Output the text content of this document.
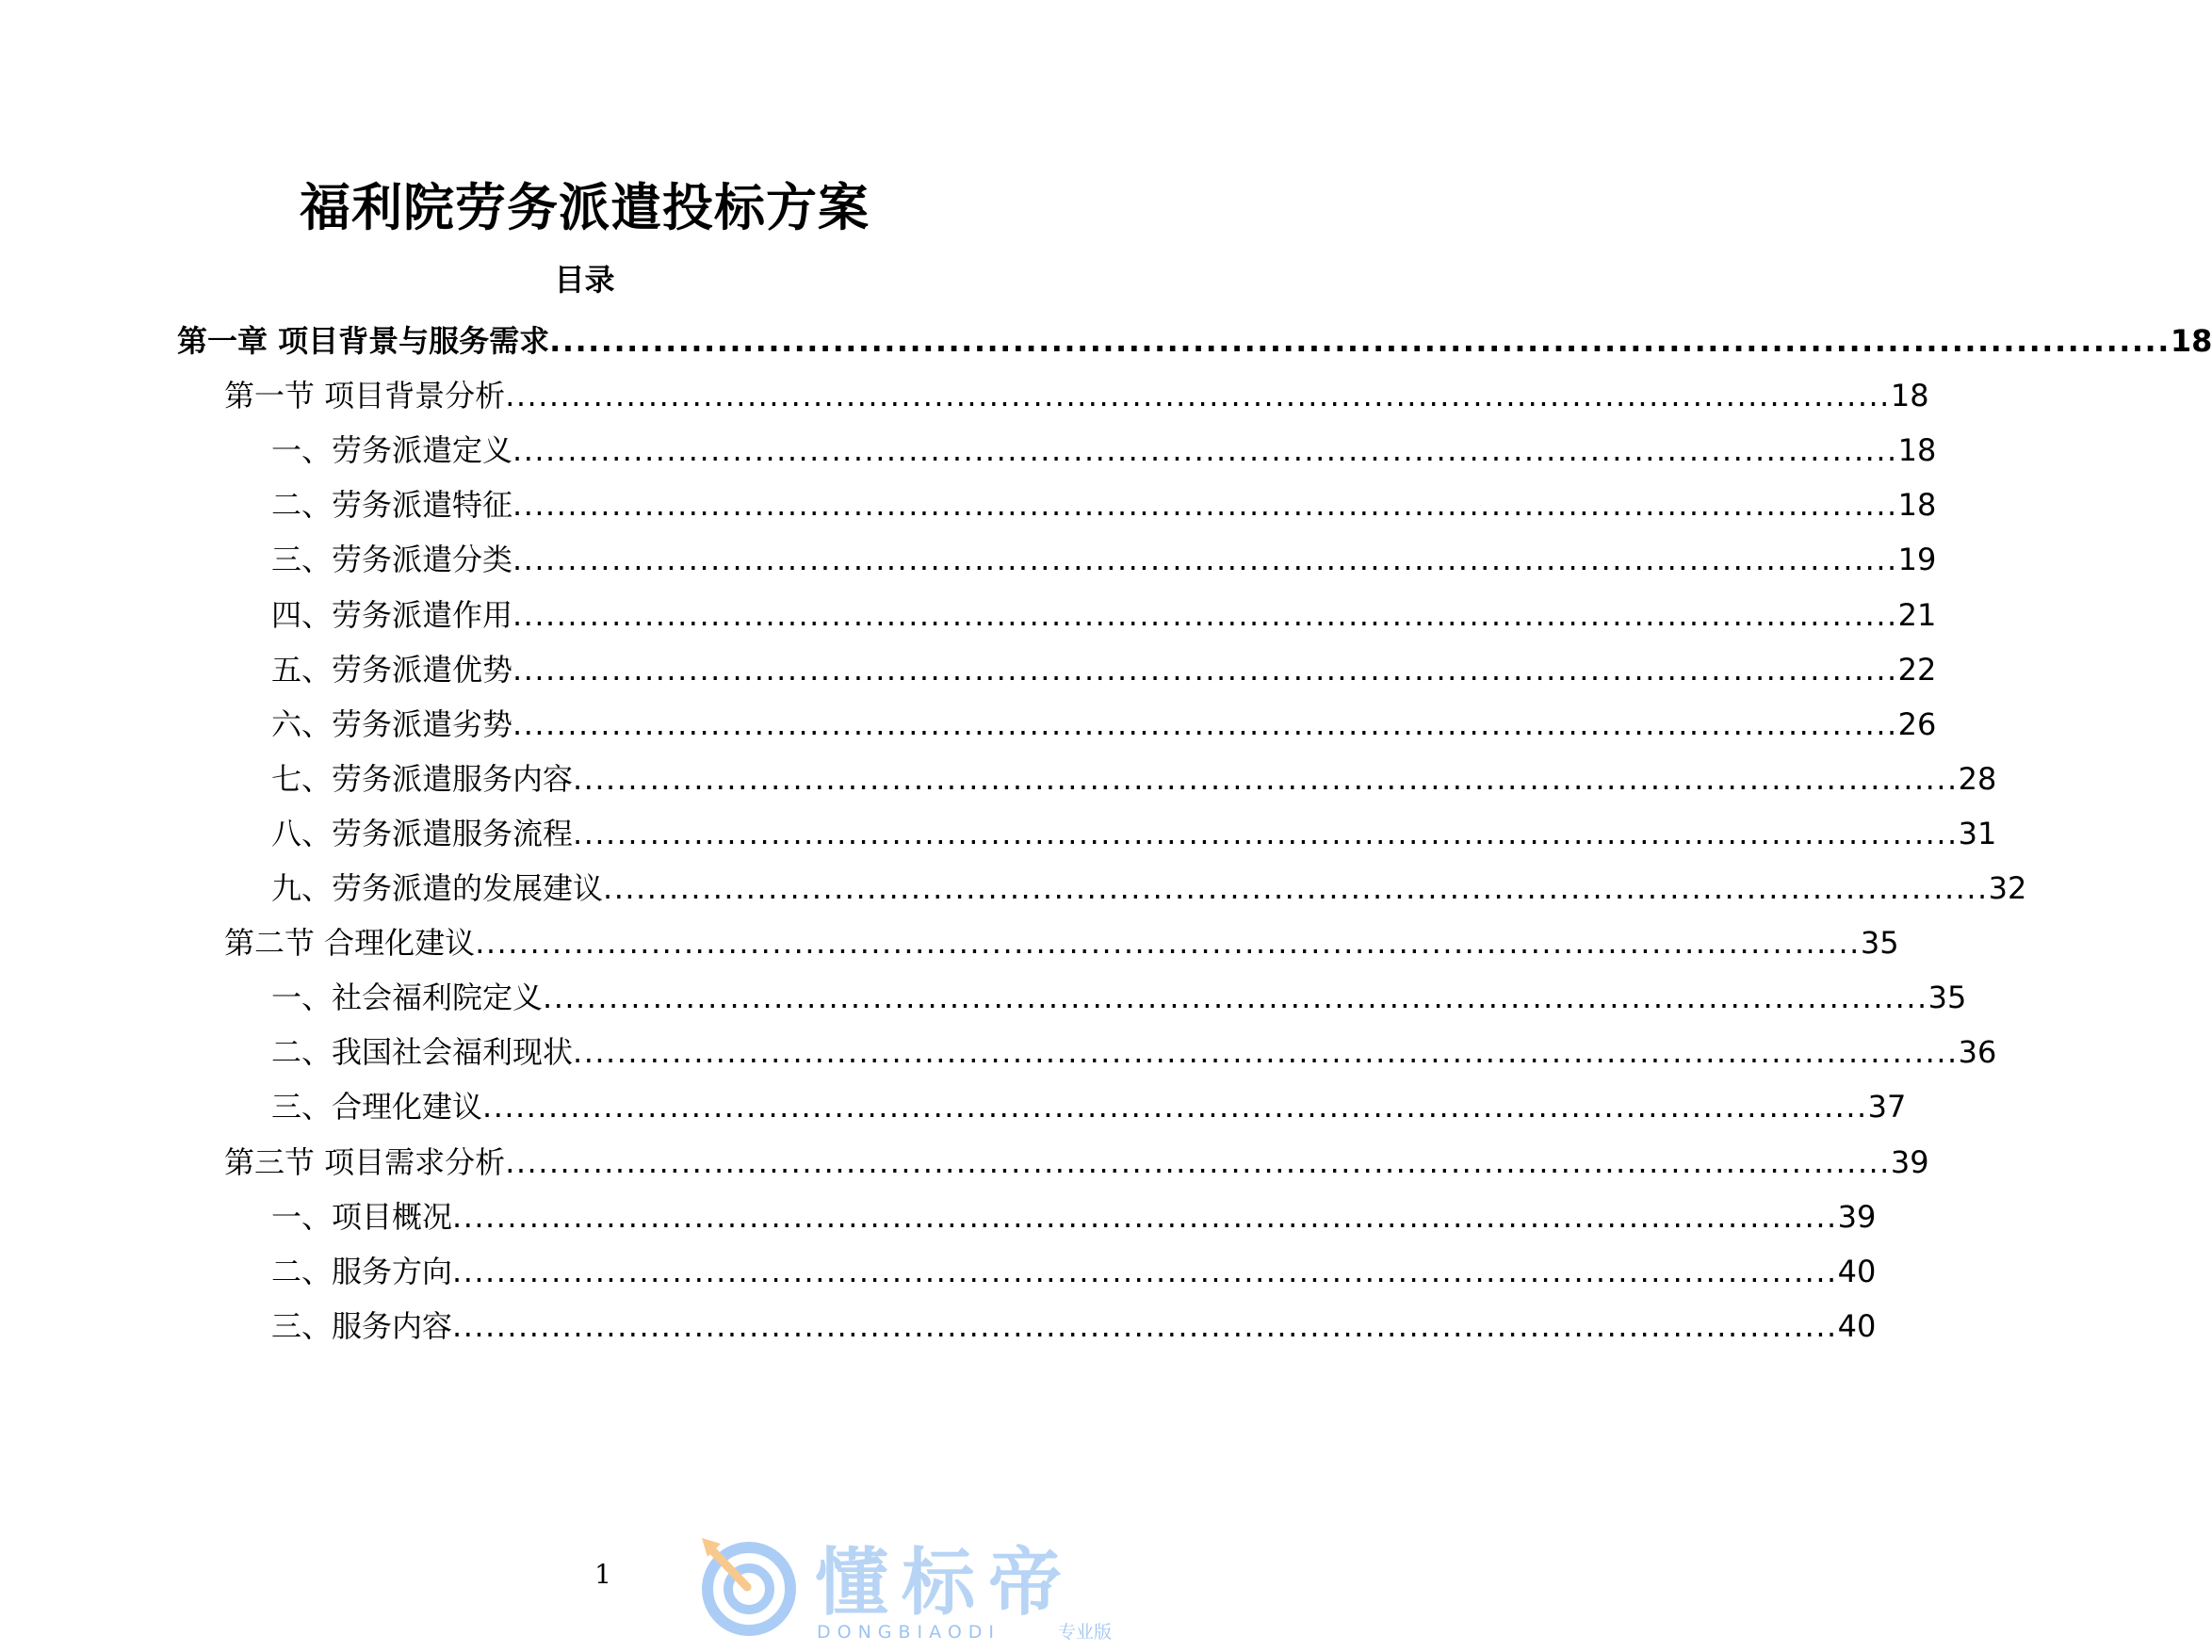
福利院劳务派遣投标方案
目录
第一章 项目背景与服务需求 .............................................................................................................................. 18
第一节 项目背景分析 .............................................................................................................................. 18
一、劳务派遣定义 .............................................................................................................................. 18
二、劳务派遣特征 .............................................................................................................................. 18
三、劳务派遣分类 .............................................................................................................................. 19
四、劳务派遣作用 .............................................................................................................................. 21
五、劳务派遣优势 .............................................................................................................................. 22
六、劳务派遣劣势 .............................................................................................................................. 26
七、劳务派遣服务内容 .............................................................................................................................. 28
八、劳务派遣服务流程 .............................................................................................................................. 31
九、劳务派遣的发展建议 .............................................................................................................................. 32
第二节 合理化建议 .............................................................................................................................. 35
一、社会福利院定义 .............................................................................................................................. 35
二、我国社会福利现状 .............................................................................................................................. 36
三、合理化建议 .............................................................................................................................. 37
第三节 项目需求分析 .............................................................................................................................. 39
一、项目概况 .............................................................................................................................. 39
二、服务方向 .............................................................................................................................. 40
三、服务内容 .............................................................................................................................. 40
1	懂标帝
DONGBIAODI	专业版
